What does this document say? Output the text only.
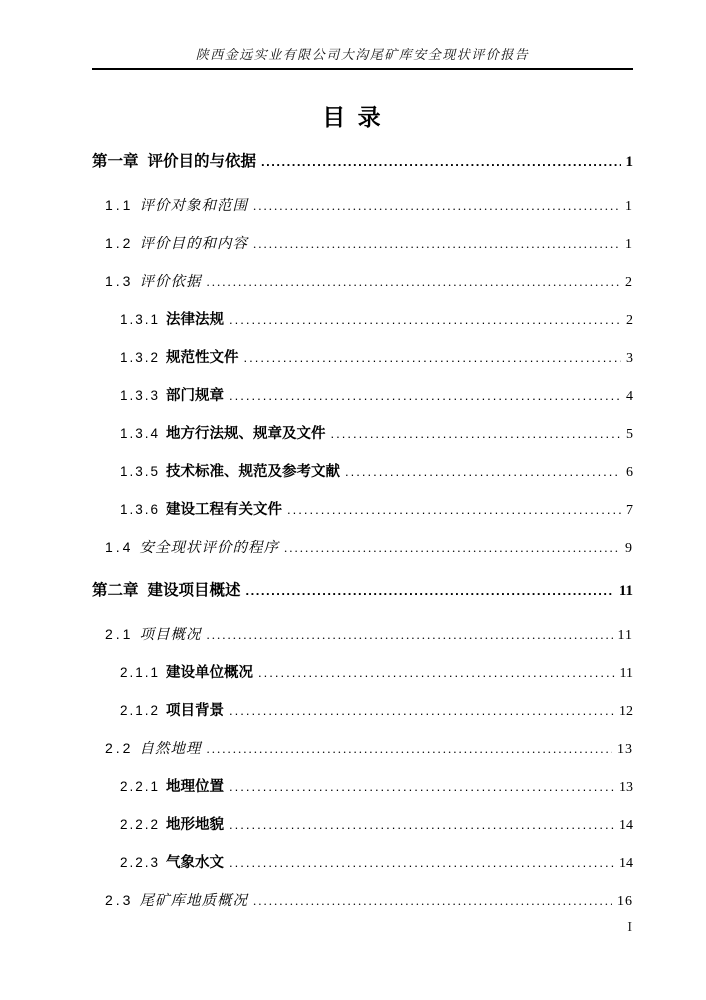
陕西金远实业有限公司大沟尾矿库安全现状评价报告
目 录
第一章 评价目的与依据 .....	1
1.1 评价对象和范围 .....	1
1.2 评价目的和内容 .....	1
1.3 评价依据 .....	2
1.3.1 法律法规 .....	2
1.3.2 规范性文件 .....	3
1.3.3 部门规章 .....	4
1.3.4 地方行法规、规章及文件 .....	5
1.3.5 技术标准、规范及参考文献 .....	6
1.3.6 建设工程有关文件 .....	7
1.4 安全现状评价的程序 .....	9
第二章 建设项目概述 .....	11
2.1 项目概况 .....	11
2.1.1 建设单位概况 .....	11
2.1.2 项目背景 .....	12
2.2 自然地理 .....	13
2.2.1 地理位置 .....	13
2.2.2 地形地貌 .....	14
2.2.3 气象水文 .....	14
2.3 尾矿库地质概况 .....	16
I
